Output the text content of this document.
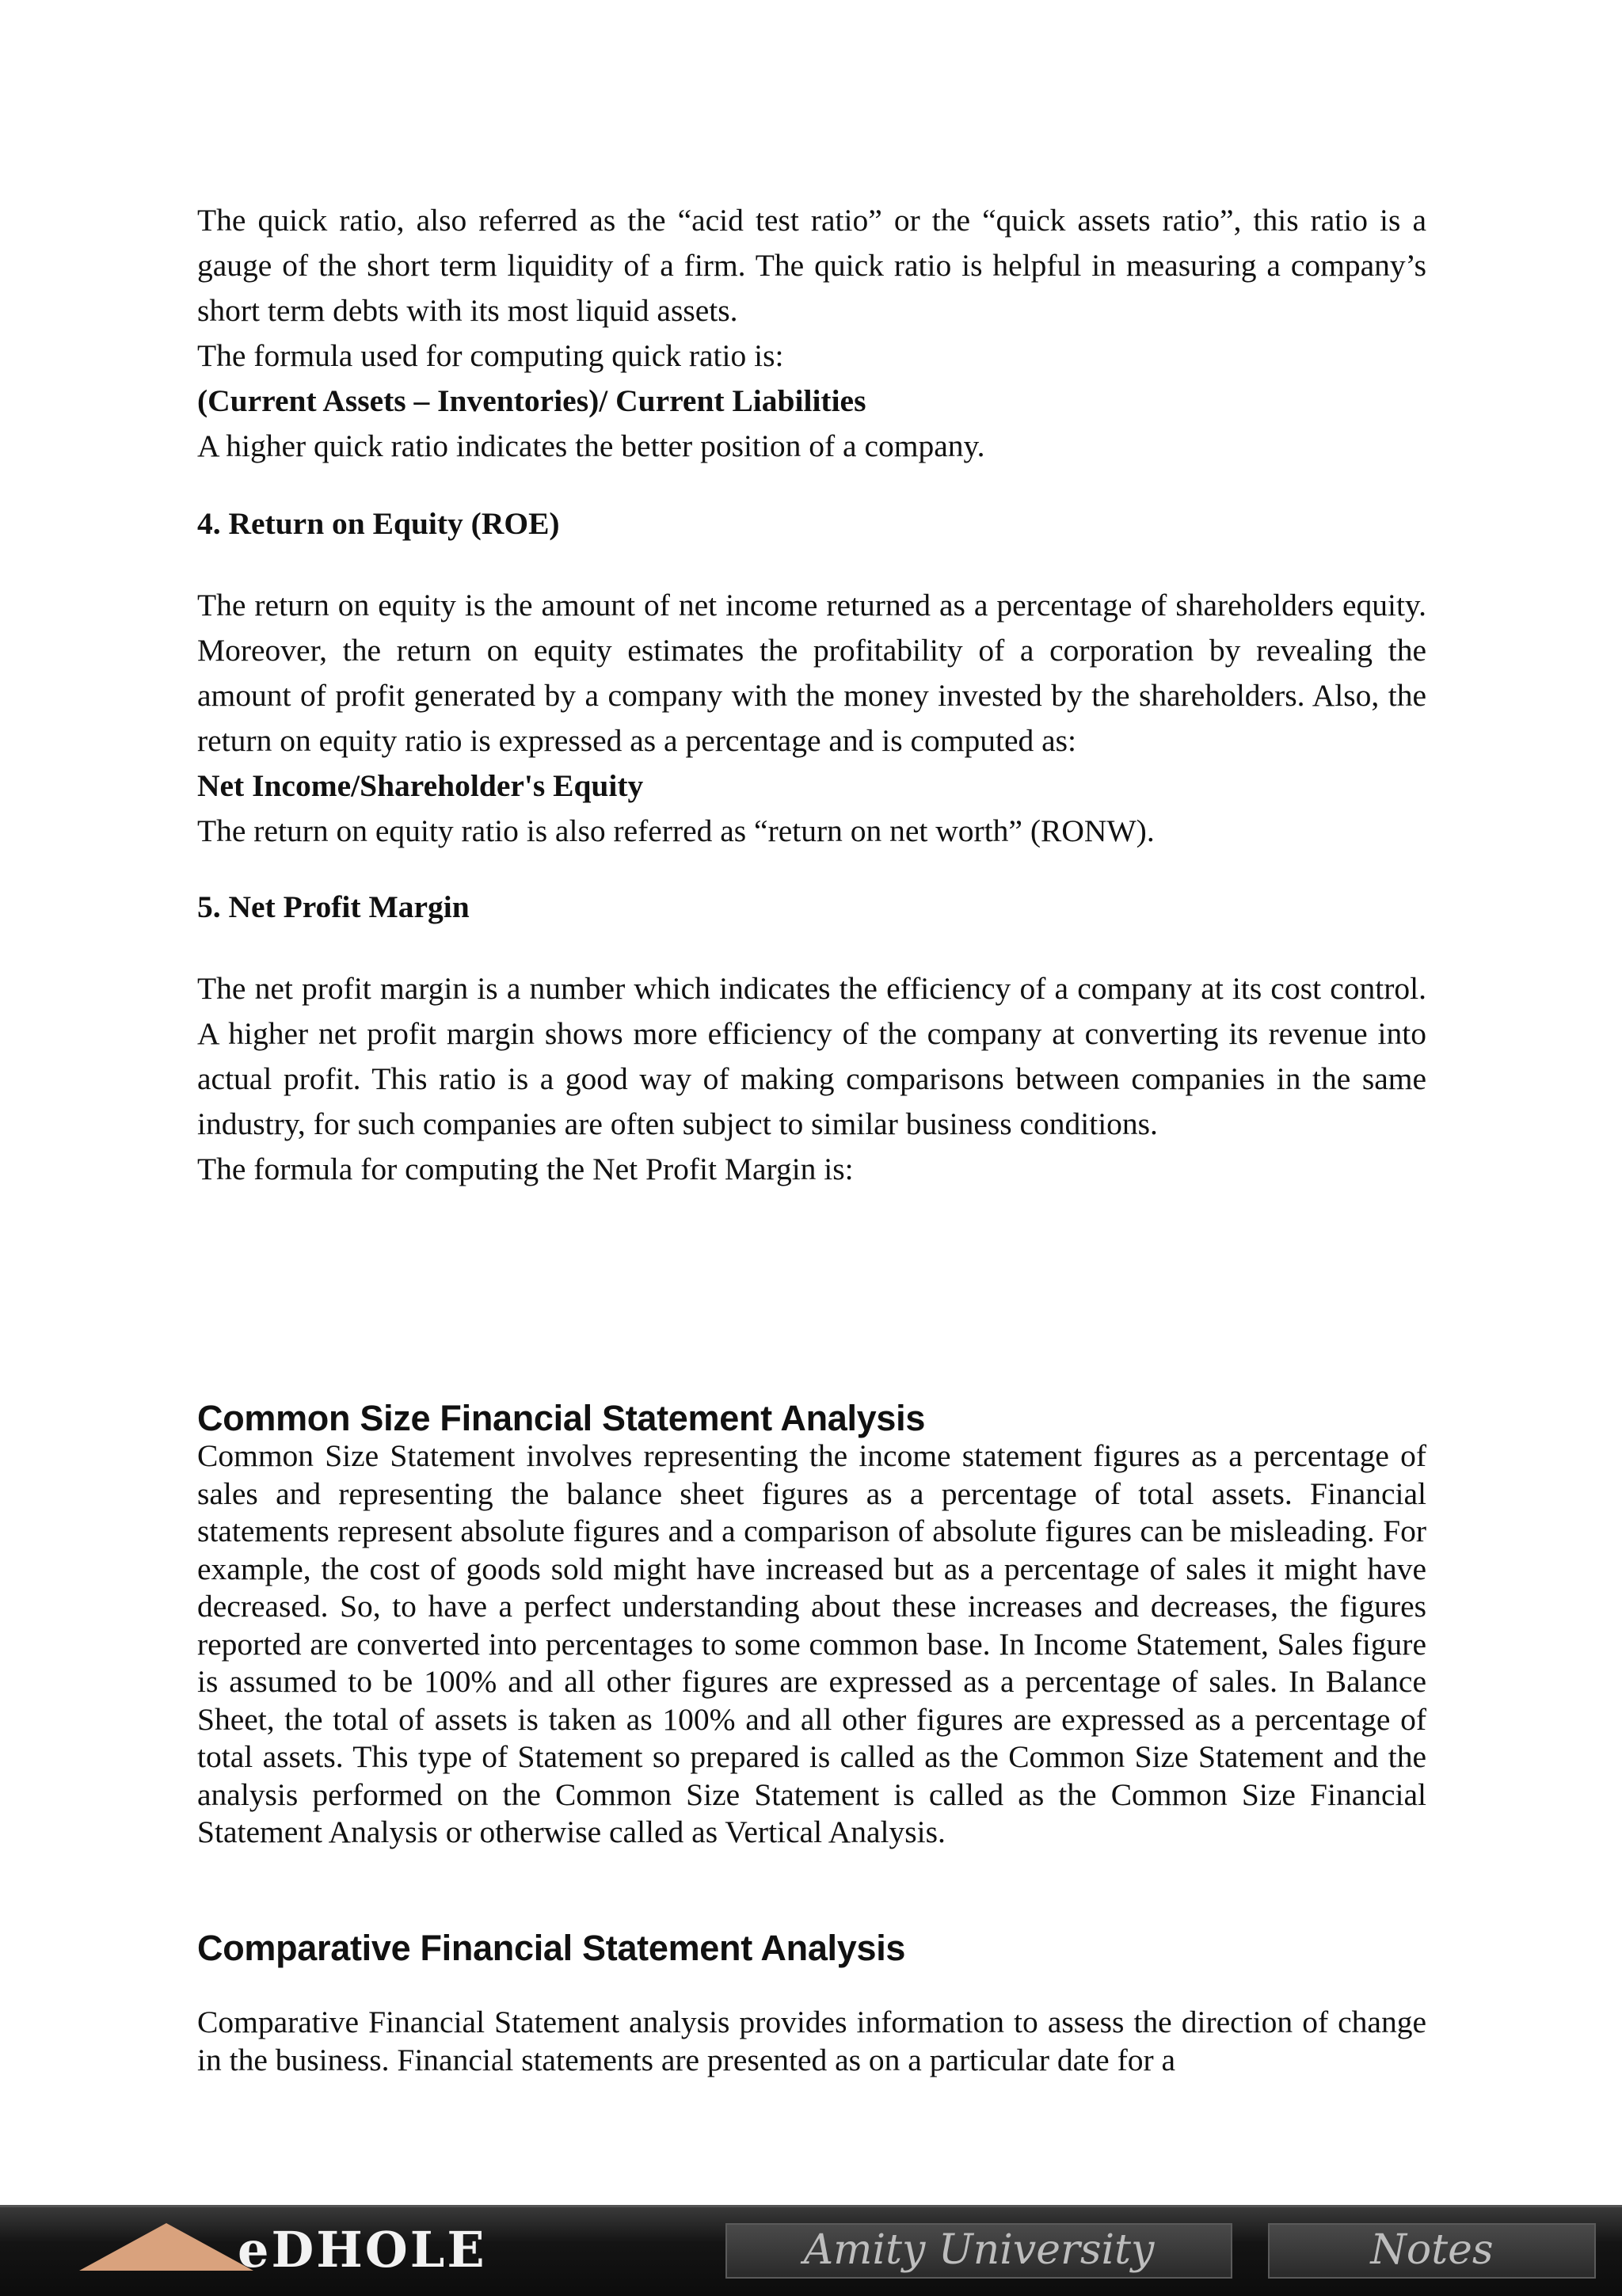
The quick ratio, also referred as the “acid test ratio” or the “quick assets ratio”, this ratio is a gauge of the short term liquidity of a firm. The quick ratio is helpful in measuring a company’s short term debts with its most liquid assets.

The formula used for computing quick ratio is:

(Current Assets – Inventories)/ Current Liabilities

A higher quick ratio indicates the better position of a company.

4. Return on Equity (ROE)

The return on equity is the amount of net income returned as a percentage of shareholders equity. Moreover, the return on equity estimates the profitability of a corporation by revealing the amount of profit generated by a company with the money invested by the shareholders. Also, the return on equity ratio is expressed as a percentage and is computed as:

Net Income/Shareholder's Equity

The return on equity ratio is also referred as “return on net worth” (RONW).

5. Net Profit Margin

The net profit margin is a number which indicates the efficiency of a company at its cost control. A higher net profit margin shows more efficiency of the company at converting its revenue into actual profit. This ratio is a good way of making comparisons between companies in the same industry, for such companies are often subject to similar business conditions.

The formula for computing the Net Profit Margin is:

Common Size Financial Statement Analysis

Common Size Statement involves representing the income statement figures as a percentage of sales and representing the balance sheet figures as a percentage of total assets. Financial statements represent absolute figures and a comparison of absolute figures can be misleading. For example, the cost of goods sold might have increased but as a percentage of sales it might have decreased. So, to have a perfect understanding about these increases and decreases, the figures reported are converted into percentages to some common base. In Income Statement, Sales figure is assumed to be 100% and all other figures are expressed as a percentage of sales. In Balance Sheet, the total of assets is taken as 100% and all other figures are expressed as a percentage of total assets. This type of Statement so prepared is called as the Common Size Statement and the analysis performed on the Common Size Statement is called as the Common Size Financial Statement Analysis or otherwise called as Vertical Analysis.

Comparative Financial Statement Analysis

Comparative Financial Statement analysis provides information to assess the direction of change in the business. Financial statements are presented as on a particular date for a

eDHOLE	Amity University	Notes
